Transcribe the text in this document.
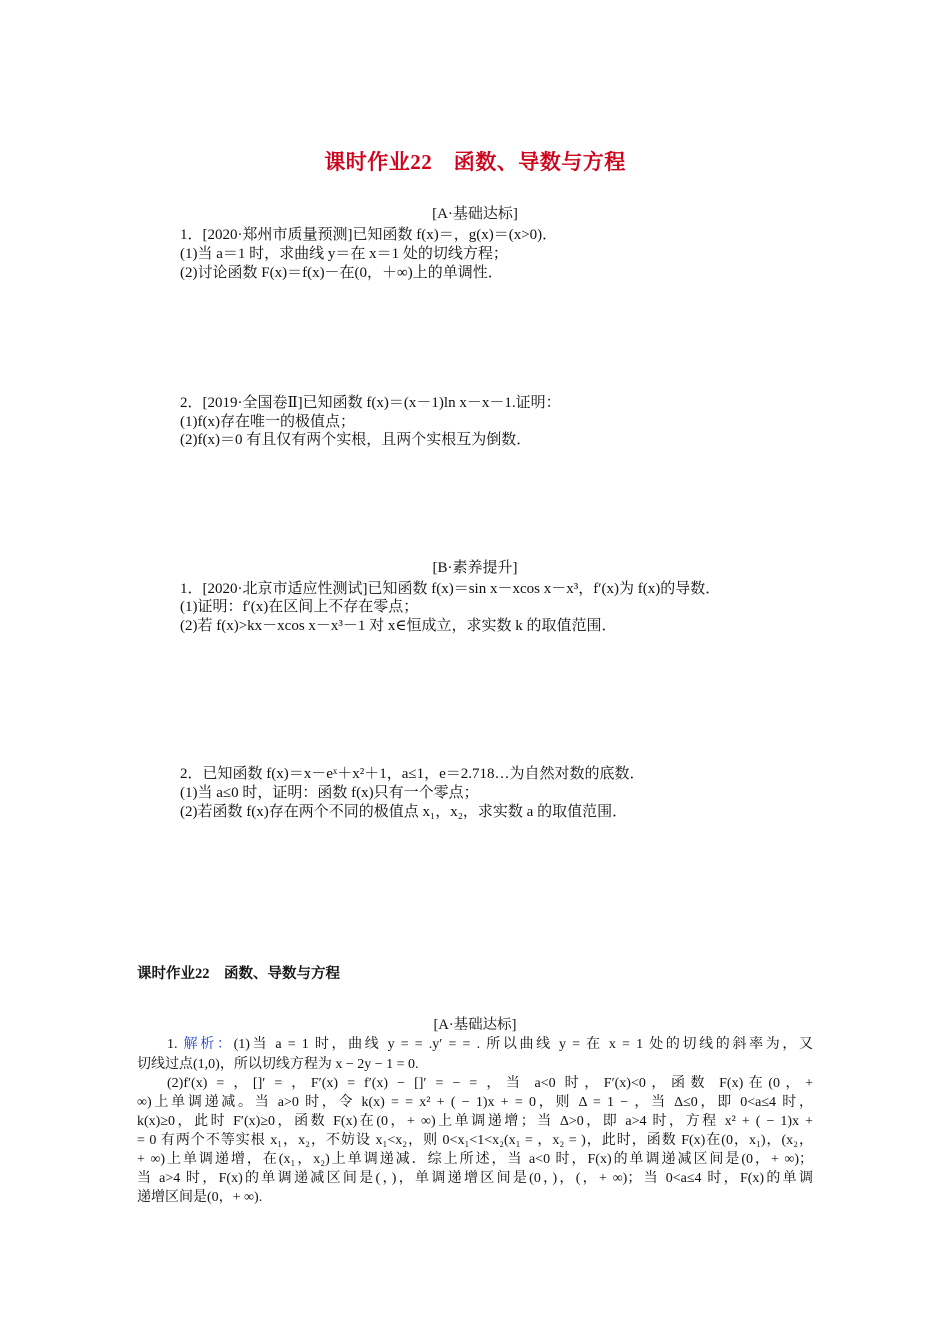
课时作业22　函数、导数与方程
[A·基础达标]
1．[2020·郑州市质量预测]已知函数 f(x)＝，g(x)＝(x>0)．
(1)当 a＝1 时，求曲线 y＝在 x＝1 处的切线方程；
(2)讨论函数 F(x)＝f(x)－在(0，＋∞)上的单调性．
2．[2019·全国卷Ⅱ]已知函数 f(x)＝(x－1)ln x－x－1.证明：
(1)f(x)存在唯一的极值点；
(2)f(x)＝0 有且仅有两个实根，且两个实根互为倒数．
[B·素养提升]
1．[2020·北京市适应性测试]已知函数 f(x)＝sin x－xcos x－x³，f′(x)为 f(x)的导数．
(1)证明：f′(x)在区间上不存在零点；
(2)若 f(x)>kx－xcos x－x³－1 对 x∈恒成立，求实数 k 的取值范围．
2．已知函数 f(x)＝x－eˣ＋x²＋1，a≤1，e＝2.718…为自然对数的底数．
(1)当 a≤0 时，证明：函数 f(x)只有一个零点；
(2)若函数 f(x)存在两个不同的极值点 x₁，x₂，求实数 a 的取值范围．
课时作业22　函数、导数与方程
[A·基础达标]
1. 解析：(1)当 a = 1 时，曲线 y = = .y′ = = . 所以曲线 y = 在 x = 1 处的切线的斜率为，又
切线过点(1,0)，所以切线方程为 x − 2y − 1 = 0.
(2)f′(x) = ，[]′ = ，F′(x) = f′(x) − []′ = − = ，当 a<0 时，F′(x)<0，函数 F(x)在(0，+
∞)上单调递减。当 a>0 时，令 k(x) = = x² + ( − 1)x + = 0，则 Δ = 1 − ，当 Δ≤0，即 0<a≤4 时，
k(x)≥0，此时 F′(x)≥0，函数 F(x)在(0，+ ∞)上单调递增；当 Δ>0，即 a>4 时，方程 x² + ( − 1)x +
= 0 有两个不等实根 x₁，x₂，不妨设 x₁<x₂，则 0<x₁<1<x₂(x₁ = ，x₂ = )，此时，函数 F(x)在(0，x₁)，(x₂，
+ ∞)上单调递增，在(x₁，x₂)上单调递减．综上所述，当 a<0 时，F(x)的单调递减区间是(0，+ ∞)；
当 a>4 时，F(x)的单调递减区间是(，)，单调递增区间是(0，)，(，+ ∞)；当 0<a≤4 时，F(x)的单调
递增区间是(0，+ ∞).
